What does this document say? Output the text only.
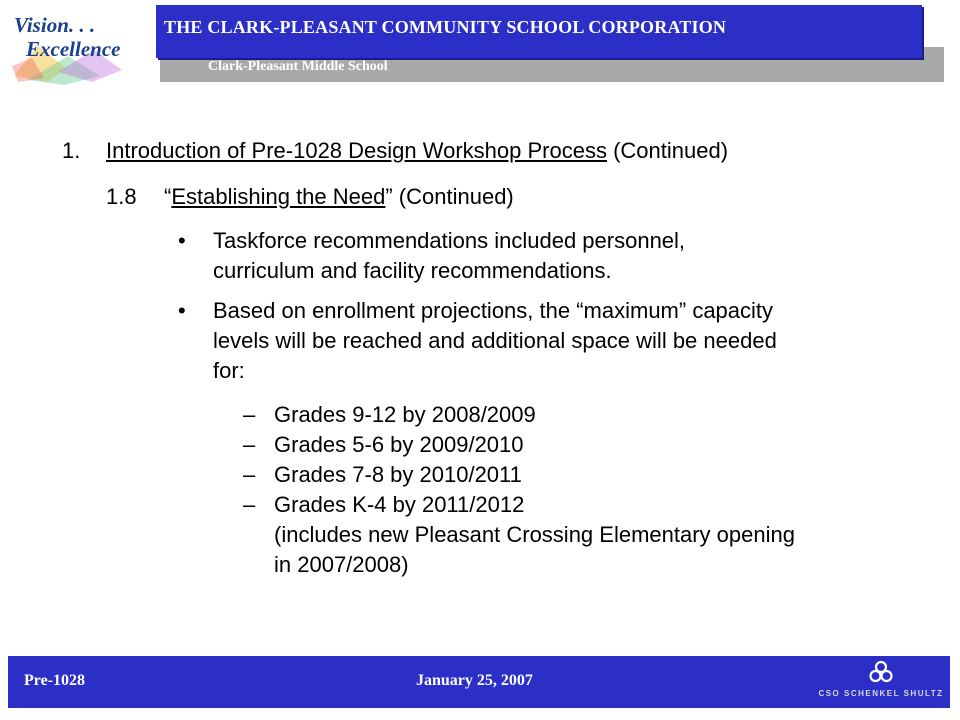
Vision. . .
Excellence
Clark-Pleasant Middle School
THE CLARK-PLEASANT COMMUNITY SCHOOL CORPORATION
1. Introduction of Pre-1028 Design Workshop Process (Continued)
1.8 “Establishing the Need” (Continued)
• Taskforce recommendations included personnel,
curriculum and facility recommendations.
• Based on enrollment projections, the “maximum” capacity
levels will be reached and additional space will be needed
for:
– Grades 9-12 by 2008/2009
– Grades 5-6 by 2009/2010
– Grades 7-8 by 2010/2011
– Grades K-4 by 2011/2012
(includes new Pleasant Crossing Elementary opening
in 2007/2008)
Pre-1028	January 25, 2007
CSO SCHENKEL SHULTZ
